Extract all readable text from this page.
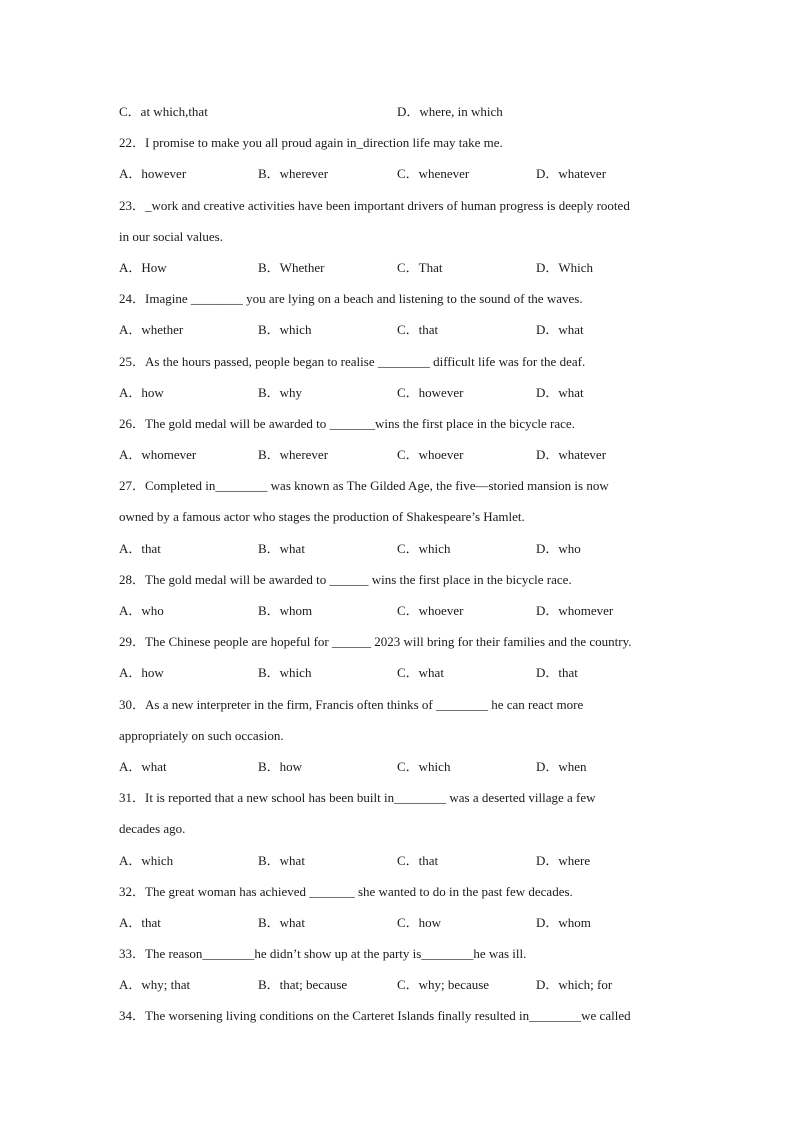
C．at which,that	D．where, in which
22．I promise to make you all proud again in_direction life may take me.
A．however	B．wherever	C．whenever	D．whatever
23．_work and creative activities have been important drivers of human progress is deeply rooted
in our social values.
A．How	B．Whether	C．That	D．Which
24．Imagine ________ you are lying on a beach and listening to the sound of the waves.
A．whether	B．which	C．that	D．what
25．As the hours passed, people began to realise ________ difficult life was for the deaf.
A．how	B．why	C．however	D．what
26．The gold medal will be awarded to _______wins the first place in the bicycle race.
A．whomever	B．wherever	C．whoever	D．whatever
27．Completed in________ was known as The Gilded Age, the five—storied mansion is now
owned by a famous actor who stages the production of Shakespeare’s Hamlet.
A．that	B．what	C．which	D．who
28．The gold medal will be awarded to ______ wins the first place in the bicycle race.
A．who	B．whom	C．whoever	D．whomever
29．The Chinese people are hopeful for ______ 2023 will bring for their families and the country.
A．how	B．which	C．what	D．that
30．As a new interpreter in the firm, Francis often thinks of ________ he can react more
appropriately on such occasion.
A．what	B．how	C．which	D．when
31．It is reported that a new school has been built in________ was a deserted village a few
decades ago.
A．which	B．what	C．that	D．where
32．The great woman has achieved _______ she wanted to do in the past few decades.
A．that	B．what	C．how	D．whom
33．The reason________he didn’t show up at the party is________he was ill.
A．why; that	B．that; because	C．why; because	D．which; for
34．The worsening living conditions on the Carteret Islands finally resulted in________we called
